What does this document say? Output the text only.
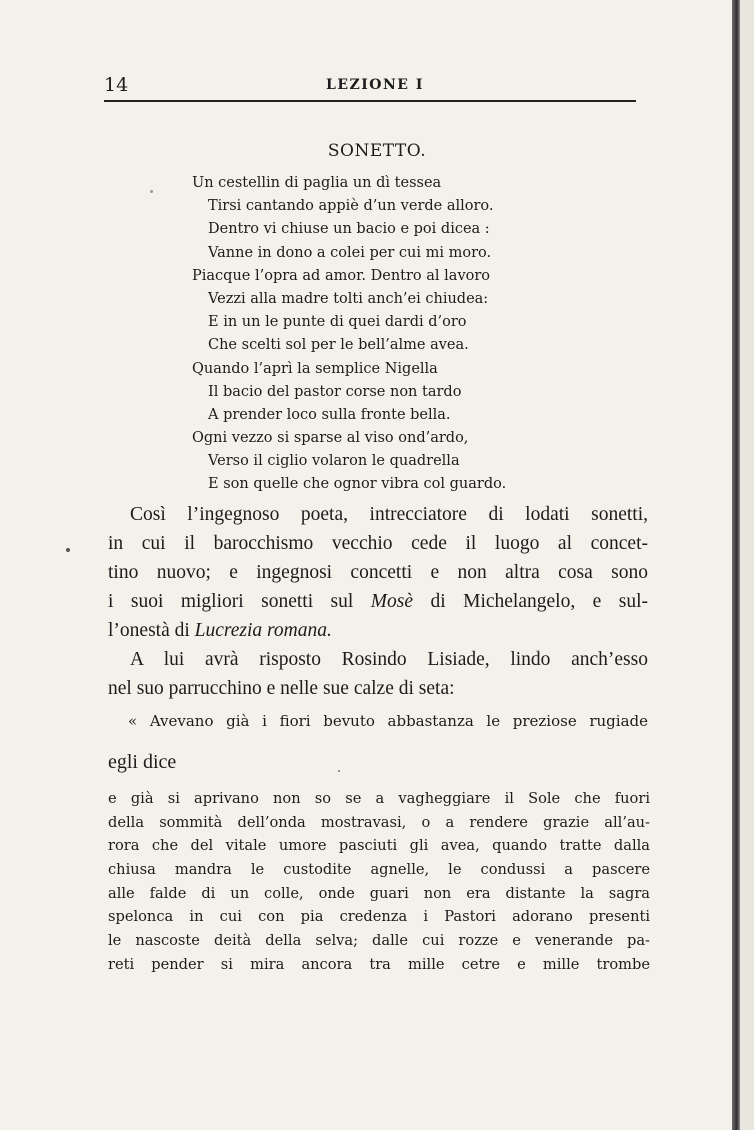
14	LEZIONE I
SONETTO.
Un cestellin di paglia un dì tessea
Tirsi cantando appiè d’un verde alloro.
Dentro vi chiuse un bacio e poi dicea :
Vanne in dono a colei per cui mi moro.
Piacque l’opra ad amor. Dentro al lavoro
Vezzi alla madre tolti anch’ei chiudea:
E in un le punte di quei dardi d’oro
Che scelti sol per le bell’alme avea.
Quando l’aprì la semplice Nigella
Il bacio del pastor corse non tardo
A prender loco sulla fronte bella.
Ogni vezzo si sparse al viso ond’ardo,
Verso il ciglio volaron le quadrella
E son quelle che ognor vibra col guardo.
Così l’ingegnoso poeta, intrecciatore di lodati sonetti,
in cui il barocchismo vecchio cede il luogo al concet-
tino nuovo; e ingegnosi concetti e non altra cosa sono
i suoi migliori sonetti sul Mosè di Michelangelo, e sul-
l’onestà di Lucrezia romana.
A lui avrà risposto Rosindo Lisiade, lindo anch’esso
nel suo parrucchino e nelle sue calze di seta:
« Avevano già i fiori bevuto abbastanza le preziose rugiade
egli dice
e già si aprivano non so se a vagheggiare il Sole che fuori
della sommità dell’onda mostravasi, o a rendere grazie all’au-
rora che del vitale umore pasciuti gli avea, quando tratte dalla
chiusa mandra le custodite agnelle, le condussi a pascere
alle falde di un colle, onde guari non era distante la sagra
spelonca in cui con pia credenza i Pastori adorano presenti
le nascoste deità della selva; dalle cui rozze e venerande pa-
reti pender si mira ancora tra mille cetre e mille trombe
